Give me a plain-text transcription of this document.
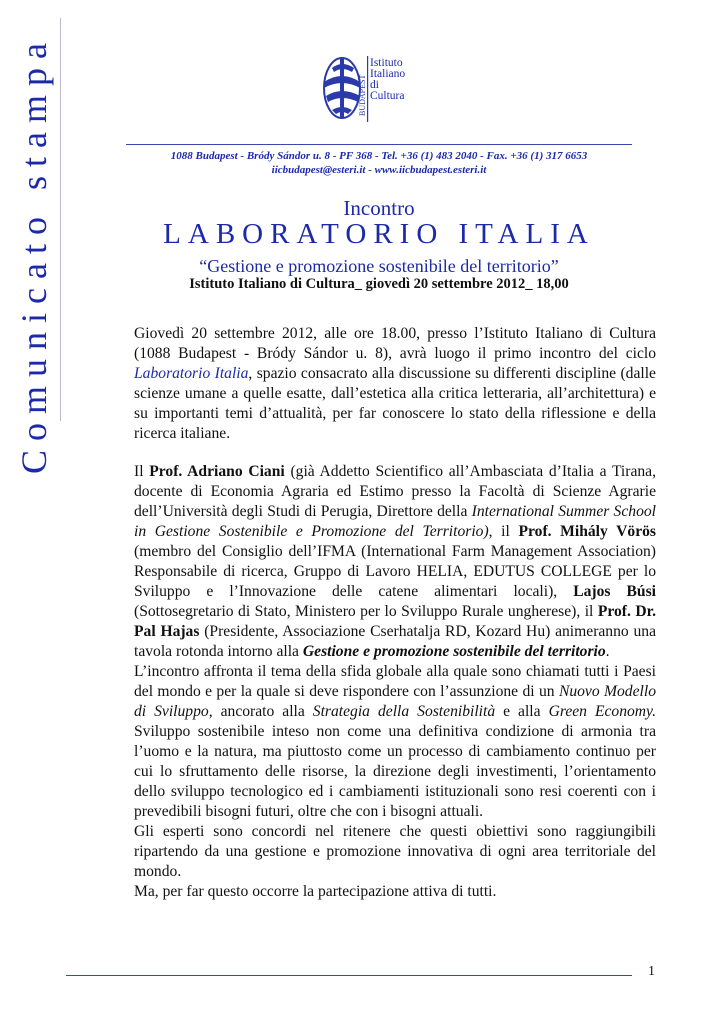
Comunicato stampa	BUDAPEST
Istituto
Italiano
di
Cultura
1088 Budapest - Bródy Sándor u. 8 - PF 368 - Tel. +36 (1) 483 2040 - Fax. +36 (1) 317 6653
iicbudapest@esteri.it - www.iicbudapest.esteri.it
Incontro
LABORATORIO ITALIA
“Gestione e promozione sostenibile del territorio”
Istituto Italiano di Cultura_ giovedì 20 settembre 2012_ 18,00

Giovedì 20 settembre 2012, alle ore 18.00, presso l’Istituto Italiano di Cultura (1088 Budapest - Bródy Sándor u. 8), avrà luogo il primo incontro del ciclo Laboratorio Italia, spazio consacrato alla discussione su differenti discipline (dalle scienze umane a quelle esatte, dall’estetica alla critica letteraria, all’architettura) e su importanti temi d’attualità, per far conoscere lo stato della riflessione e della ricerca italiane.

Il Prof. Adriano Ciani (già Addetto Scientifico all’Ambasciata d’Italia a Tirana, docente di Economia Agraria ed Estimo presso la Facoltà di Scienze Agrarie dell’Università degli Studi di Perugia, Direttore della International Summer School in Gestione Sostenibile e Promozione del Territorio), il Prof. Mihály Vörös (membro del Consiglio dell’IFMA (International Farm Management Association) Responsabile di ricerca, Gruppo di Lavoro HELIA, EDUTUS COLLEGE per lo Sviluppo e l’Innovazione delle catene alimentari locali), Lajos Búsi (Sottosegretario di Stato, Ministero per lo Sviluppo Rurale ungherese), il Prof. Dr. Pal Hajas (Presidente, Associazione Cserhatalja RD, Kozard Hu) animeranno una tavola rotonda intorno alla Gestione e promozione sostenibile del territorio.

L’incontro affronta il tema della sfida globale alla quale sono chiamati tutti i Paesi del mondo e per la quale si deve rispondere con l’assunzione di un Nuovo Modello di Sviluppo, ancorato alla Strategia della Sostenibilità e alla Green Economy. Sviluppo sostenibile inteso non come una definitiva condizione di armonia tra l’uomo e la natura, ma piuttosto come un processo di cambiamento continuo per cui lo sfruttamento delle risorse, la direzione degli investimenti, l’orientamento dello sviluppo tecnologico ed i cambiamenti istituzionali sono resi coerenti con i prevedibili bisogni futuri, oltre che con i bisogni attuali.

Gli esperti sono concordi nel ritenere che questi obiettivi sono raggiungibili ripartendo da una gestione e promozione innovativa di ogni area territoriale del mondo.

Ma, per far questo occorre la partecipazione attiva di tutti.

1
